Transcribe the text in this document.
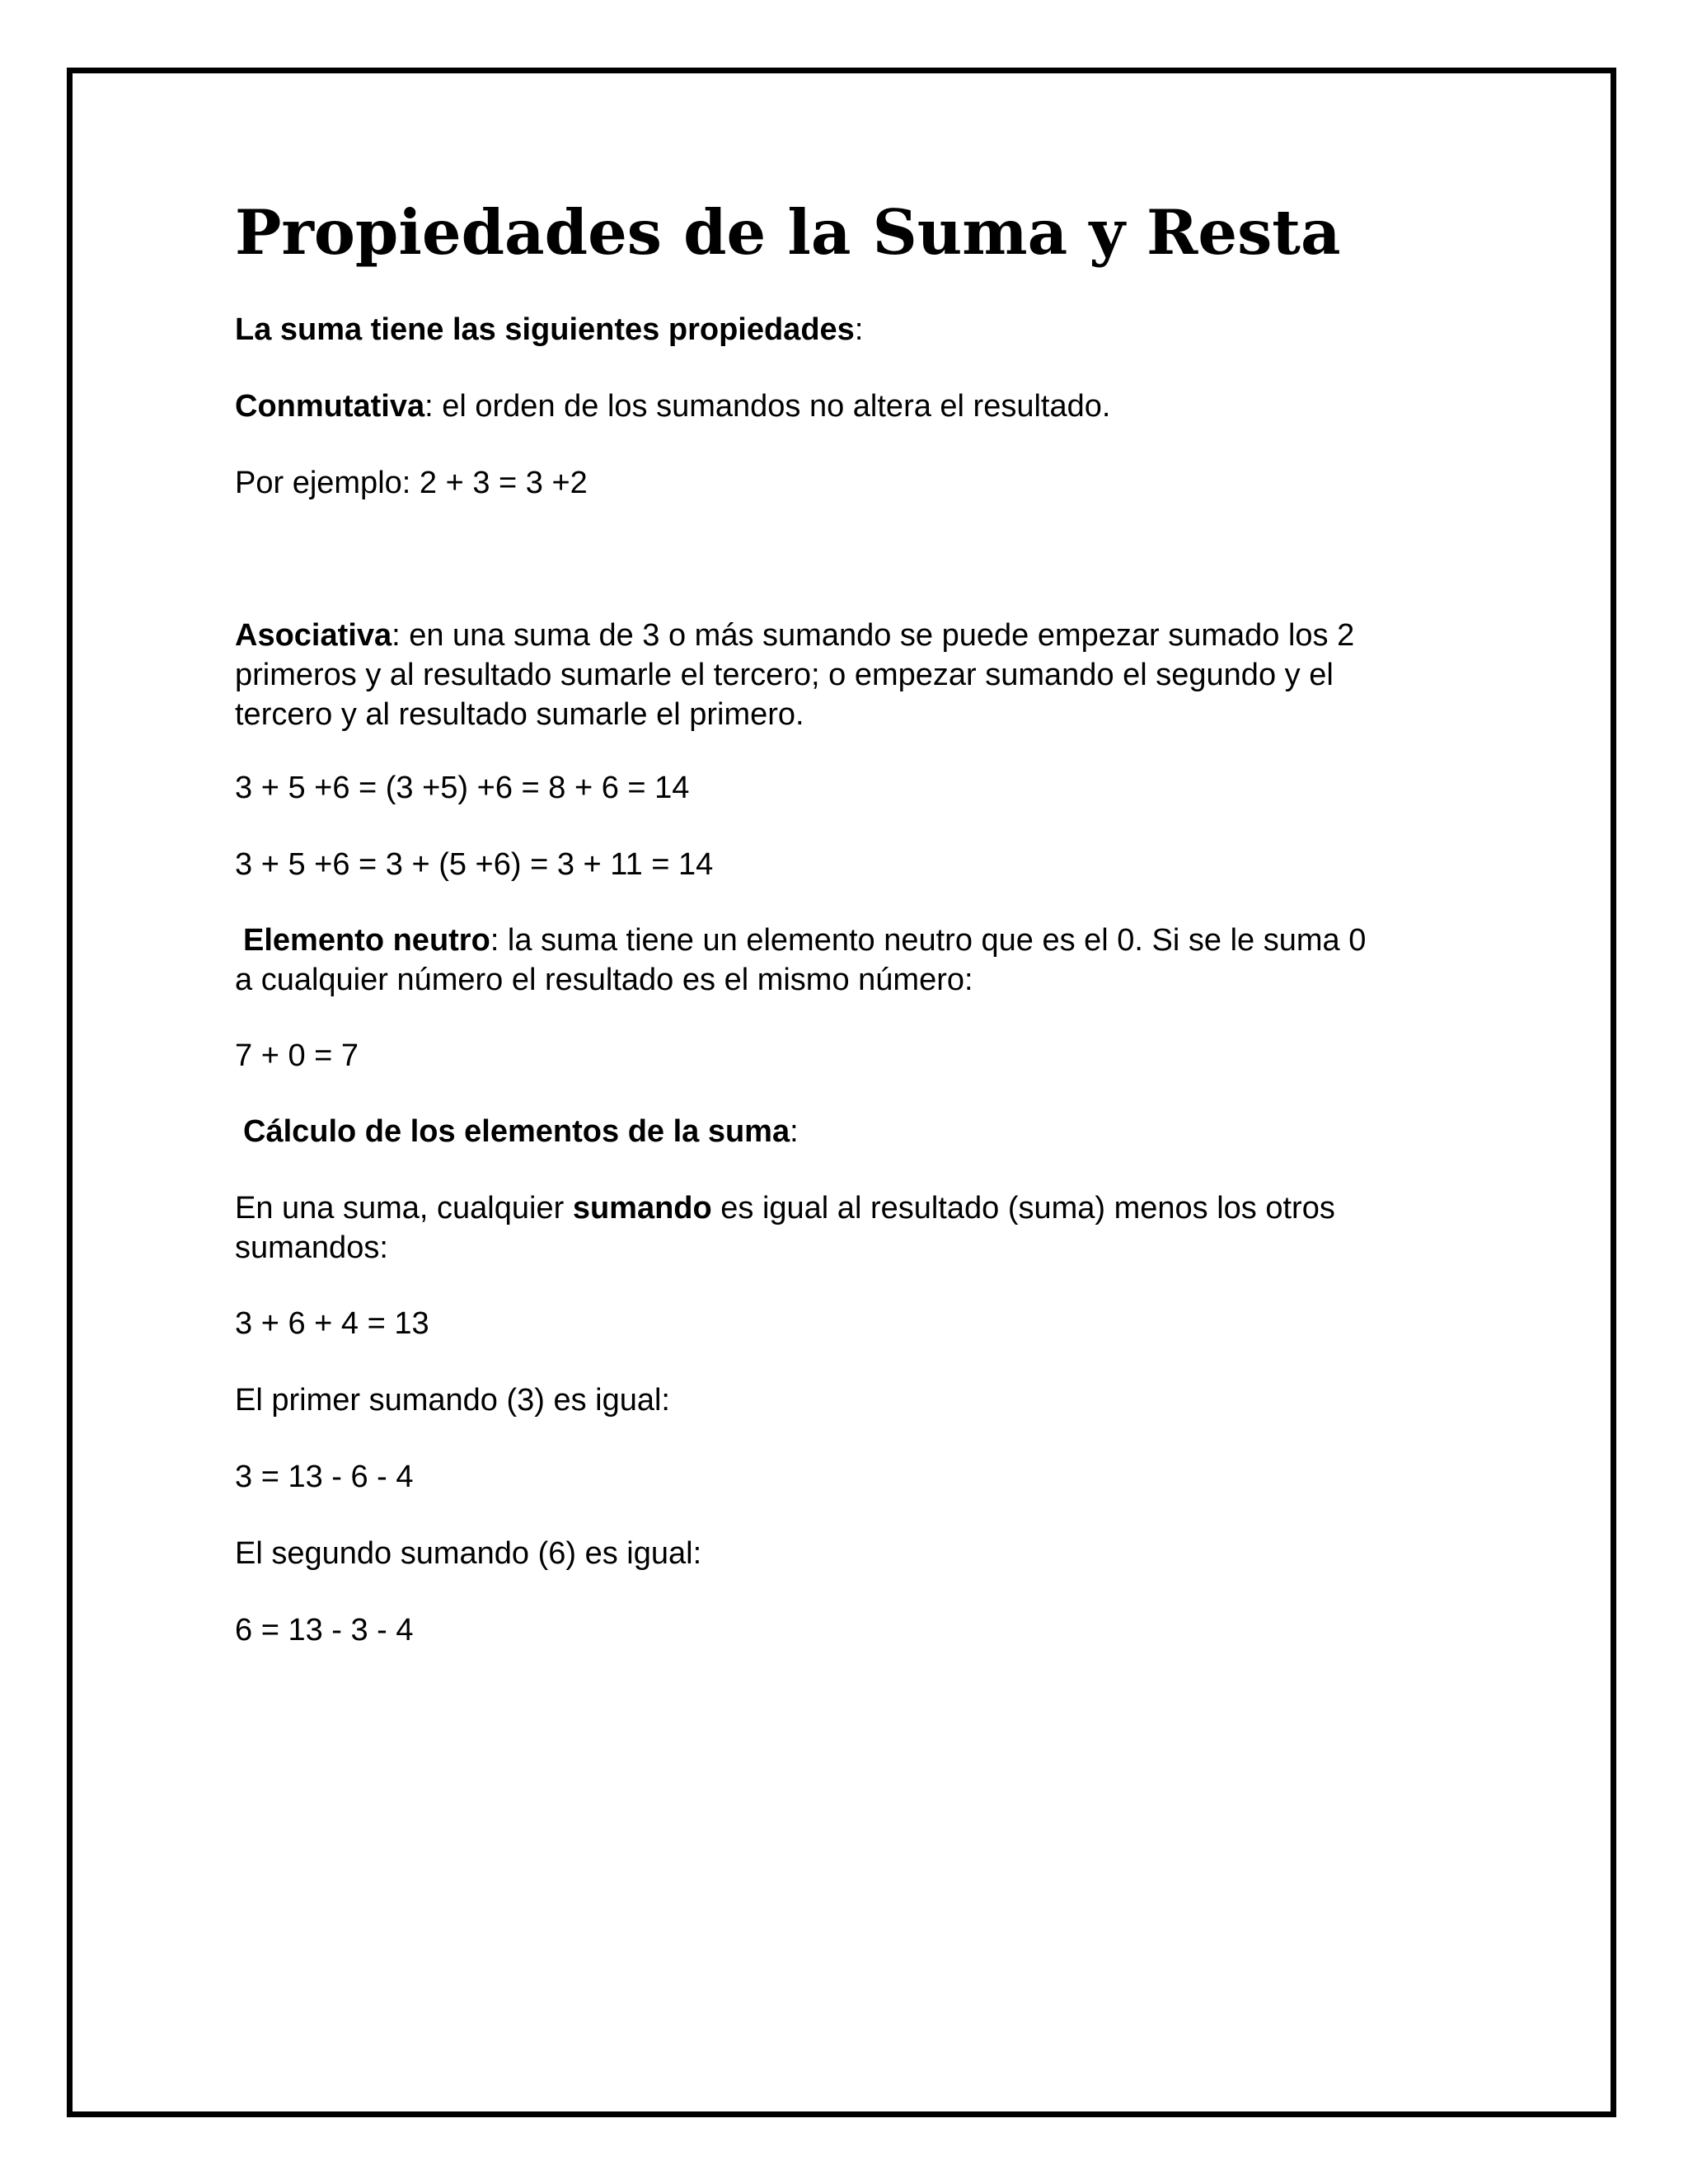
Propiedades de la Suma y Resta

La suma tiene las siguientes propiedades:

Conmutativa: el orden de los sumandos no altera el resultado.

Por ejemplo: 2 + 3 = 3 +2

Asociativa: en una suma de 3 o más sumando se puede empezar sumado los 2
primeros y al resultado sumarle el tercero; o empezar sumando el segundo y el
tercero y al resultado sumarle el primero.

3 + 5 +6 = (3 +5) +6 = 8 + 6 = 14

3 + 5 +6 = 3 + (5 +6) = 3 + 11 = 14

Elemento neutro: la suma tiene un elemento neutro que es el 0. Si se le suma 0
a cualquier número el resultado es el mismo número:

7 + 0 = 7

Cálculo de los elementos de la suma:

En una suma, cualquier sumando es igual al resultado (suma) menos los otros
sumandos:

3 + 6 + 4 = 13

El primer sumando (3) es igual:

3 = 13 - 6 - 4

El segundo sumando (6) es igual:

6 = 13 - 3 - 4
